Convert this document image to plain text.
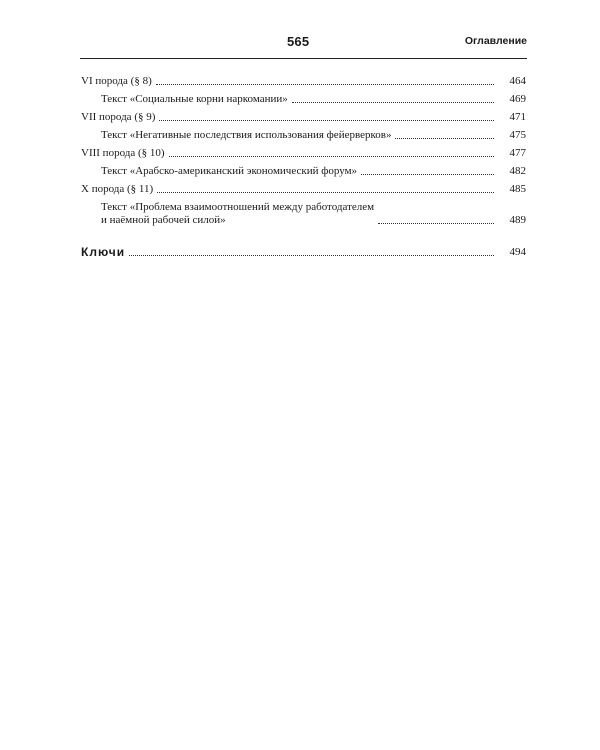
565	Оглавление
VI порода (§ 8)	464
Текст «Социальные корни наркомании»	469
VII порода (§ 9)	471
Текст «Негативные последствия использования фейерверков»	475
VIII порода (§ 10)	477
Текст «Арабско-американский экономический форум»	482
X порода (§ 11)	485
Текст «Проблема взаимоотношений между работодателем
и наёмной рабочей силой»	489
Ключи	494
